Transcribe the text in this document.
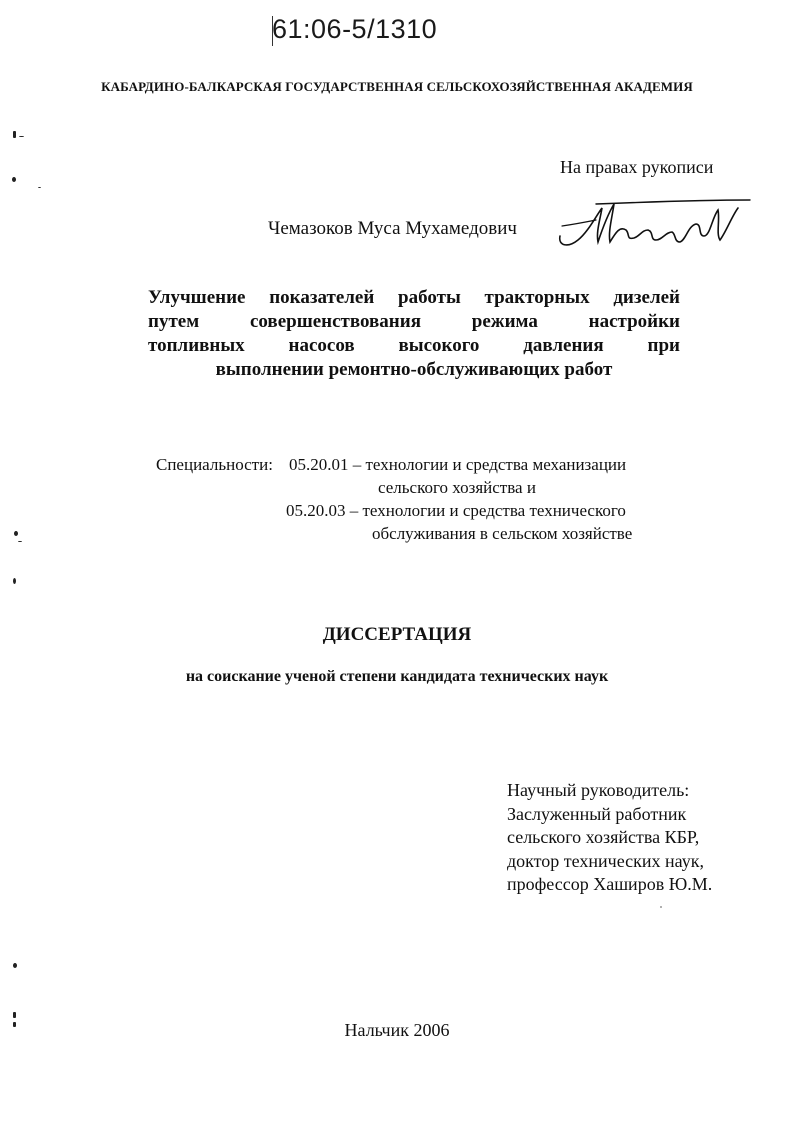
61:06-5/1310
КАБАРДИНО-БАЛКАРСКАЯ ГОСУДАРСТВЕННАЯ СЕЛЬСКОХОЗЯЙСТВЕННАЯ АКАДЕМИЯ
На правах рукописи
Чемазоков Муса Мухамедович
Улучшение показателей работы тракторных дизелей
путем совершенствования режима настройки
топливных насосов высокого давления при
выполнении ремонтно-обслуживающих работ
Специальности: 05.20.01 – технологии и средства механизации
сельского хозяйства и
05.20.03 – технологии и средства технического
обслуживания в сельском хозяйстве
ДИССЕРТАЦИЯ
на соискание ученой степени кандидата технических наук
Научный руководитель:
Заслуженный работник
сельского хозяйства КБР,
доктор технических наук,
профессор Хаширов Ю.М.
Нальчик 2006
